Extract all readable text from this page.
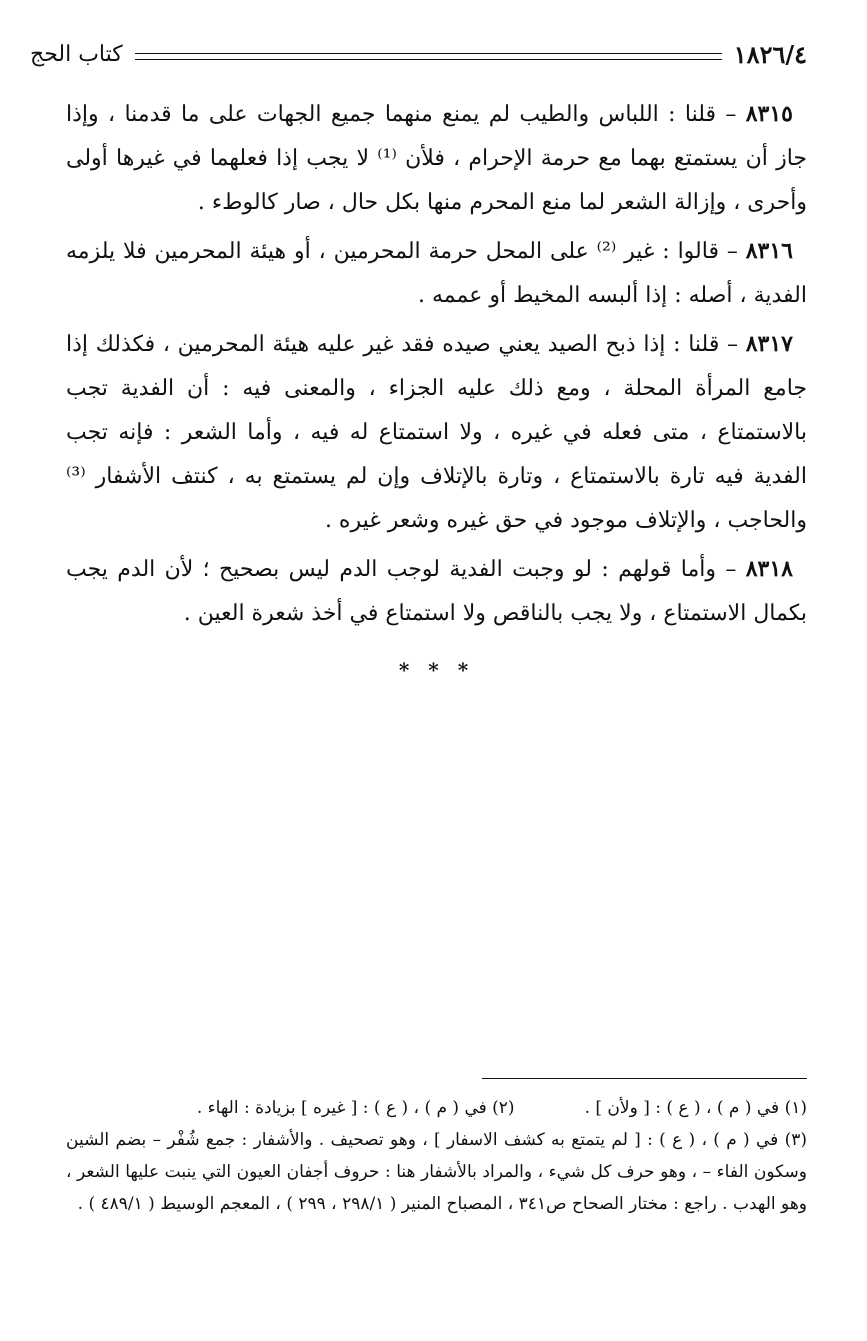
١٨٢٦/٤
كتاب الحج

٨٣١٥ – قلنا : اللباس والطيب لم يمنع منهما جميع الجهات على ما قدمنا ، وإذا جاز أن يستمتع بهما مع حرمة الإحرام ، فلأن ⁽¹⁾ لا يجب إذا فعلهما في غيرها أولى وأحرى ، وإزالة الشعر لما منع المحرم منها بكل حال ، صار كالوطء .

٨٣١٦ – قالوا : غير ⁽²⁾ على المحل حرمة المحرمين ، أو هيئة المحرمين فلا يلزمه الفدية ، أصله : إذا ألبسه المخيط أو عممه .

٨٣١٧ – قلنا : إذا ذبح الصيد يعني صيده فقد غير عليه هيئة المحرمين ، فكذلك إذا جامع المرأة المحلة ، ومع ذلك عليه الجزاء ، والمعنى فيه : أن الفدية تجب بالاستمتاع ، متى فعله في غيره ، ولا استمتاع له فيه ، وأما الشعر : فإنه تجب الفدية فيه تارة بالاستمتاع ، وتارة بالإتلاف وإن لم يستمتع به ، كنتف الأشفار ⁽³⁾ والحاجب ، والإتلاف موجود في حق غيره وشعر غيره .

٨٣١٨ – وأما قولهم : لو وجبت الفدية لوجب الدم ليس بصحيح ؛ لأن الدم يجب بكمال الاستمتاع ، ولا يجب بالناقص ولا استمتاع في أخذ شعرة العين .

* * *
(١) في ( م ) ، ( ع ) : [ ولأن ] .
(٢) في ( م ) ، ( ع ) : [ غيره ] بزيادة : الهاء .

(٣) في ( م ) ، ( ع ) : [ لم يتمتع به كشف الاسفار ] ، وهو تصحيف . والأشفار : جمع شُفْر – بضم الشين وسكون الفاء – ، وهو حرف كل شيء ، والمراد بالأشفار هنا : حروف أجفان العيون التي ينبت عليها الشعر ، وهو الهدب . راجع : مختار الصحاح ص٣٤١ ، المصباح المنير ( ٢٩٨/١ ، ٢٩٩ ) ، المعجم الوسيط ( ٤٨٩/١ ) .
